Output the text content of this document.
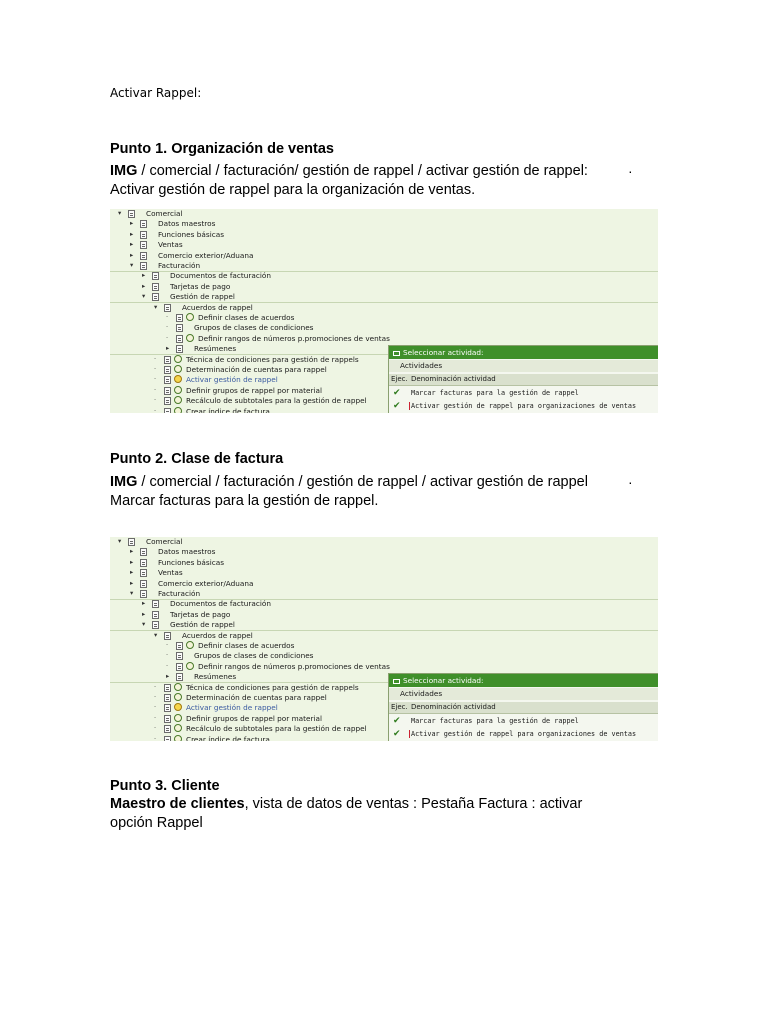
Activar Rappel:
Punto 1. Organización de ventas
IMG / comercial / facturación/ gestión de rappel / activar gestión de rappel:
Activar gestión de rappel para la organización de ventas.
·
▾	Comercial
▸	Datos maestros
▸	Funciones básicas
▸	Ventas
▸	Comercio exterior/Aduana
▾	Facturación
▸	Documentos de facturación
▸	Tarjetas de pago
▾	Gestión de rappel
▾	Acuerdos de rappel
·	Definir clases de acuerdos
·	Grupos de clases de condiciones
·	Definir rangos de números p.promociones de ventas
▸	Resúmenes
·	Técnica de condiciones para gestión de rappels
·	Determinación de cuentas para rappel
·	Activar gestión de rappel
·	Definir grupos de rappel por material
·	Recálculo de subtotales para la gestión de rappel
·	Crear índice de factura
Seleccionar actividad:
Actividades
Ejec. Denominación actividad
✔ Marcar facturas para la gestión de rappel
✔ Activar gestión de rappel para organizaciones de ventas
Punto 2. Clase de factura
IMG / comercial / facturación / gestión de rappel / activar gestión de rappel
Marcar facturas para la gestión de rappel.
·
▾	Comercial
▸	Datos maestros
▸	Funciones básicas
▸	Ventas
▸	Comercio exterior/Aduana
▾	Facturación
▸	Documentos de facturación
▸	Tarjetas de pago
▾	Gestión de rappel
▾	Acuerdos de rappel
·	Definir clases de acuerdos
·	Grupos de clases de condiciones
·	Definir rangos de números p.promociones de ventas
▸	Resúmenes
·	Técnica de condiciones para gestión de rappels
·	Determinación de cuentas para rappel
·	Activar gestión de rappel
·	Definir grupos de rappel por material
·	Recálculo de subtotales para la gestión de rappel
·	Crear índice de factura
Seleccionar actividad:
Actividades
Ejec. Denominación actividad
✔ Marcar facturas para la gestión de rappel
✔ Activar gestión de rappel para organizaciones de ventas
Punto 3. Cliente
Maestro de clientes, vista de datos de ventas : Pestaña Factura : activar
opción Rappel
